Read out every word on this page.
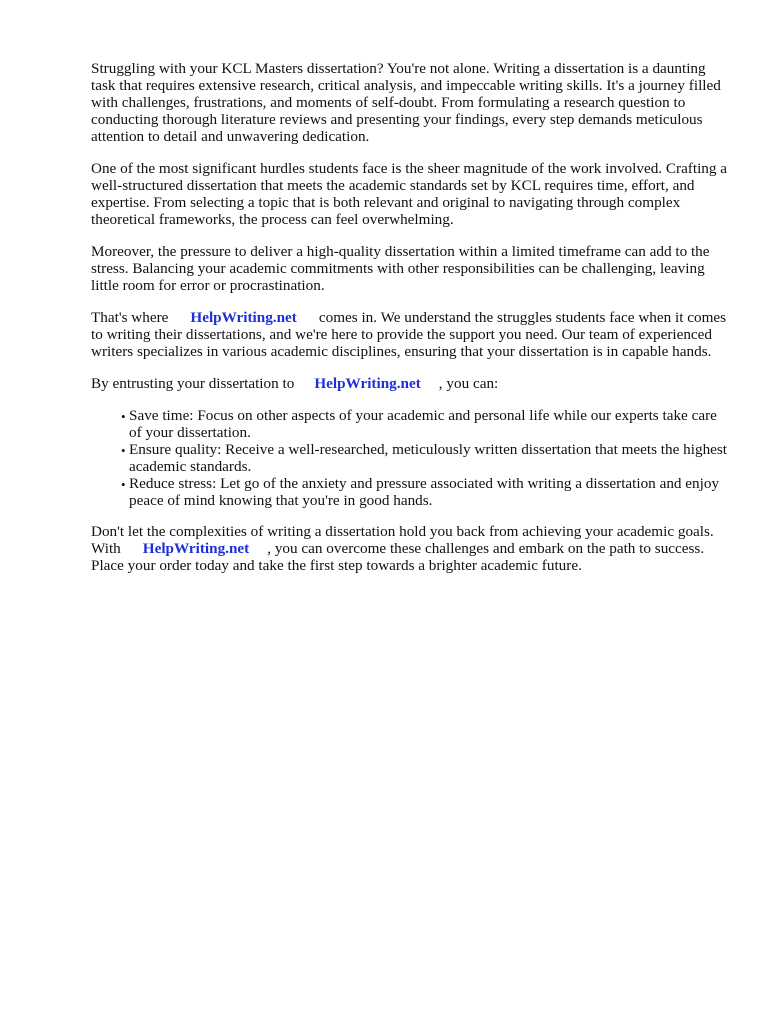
Struggling with your KCL Masters dissertation? You're not alone. Writing a dissertation is a daunting task that requires extensive research, critical analysis, and impeccable writing skills. It's a journey filled with challenges, frustrations, and moments of self-doubt. From formulating a research question to conducting thorough literature reviews and presenting your findings, every step demands meticulous attention to detail and unwavering dedication.

One of the most significant hurdles students face is the sheer magnitude of the work involved. Crafting a well-structured dissertation that meets the academic standards set by KCL requires time, effort, and expertise. From selecting a topic that is both relevant and original to navigating through complex theoretical frameworks, the process can feel overwhelming.

Moreover, the pressure to deliver a high-quality dissertation within a limited timeframe can add to the stress. Balancing your academic commitments with other responsibilities can be challenging, leaving little room for error or procrastination.

That's where HelpWriting.net comes in. We understand the struggles students face when it comes to writing their dissertations, and we're here to provide the support you need. Our team of experienced writers specializes in various academic disciplines, ensuring that your dissertation is in capable hands.

By entrusting your dissertation to HelpWriting.net , you can:

• Save time: Focus on other aspects of your academic and personal life while our experts take care of your dissertation.
• Ensure quality: Receive a well-researched, meticulously written dissertation that meets the highest academic standards.
• Reduce stress: Let go of the anxiety and pressure associated with writing a dissertation and enjoy peace of mind knowing that you're in good hands.

Don't let the complexities of writing a dissertation hold you back from achieving your academic goals. With HelpWriting.net , you can overcome these challenges and embark on the path to success. Place your order today and take the first step towards a brighter academic future.
